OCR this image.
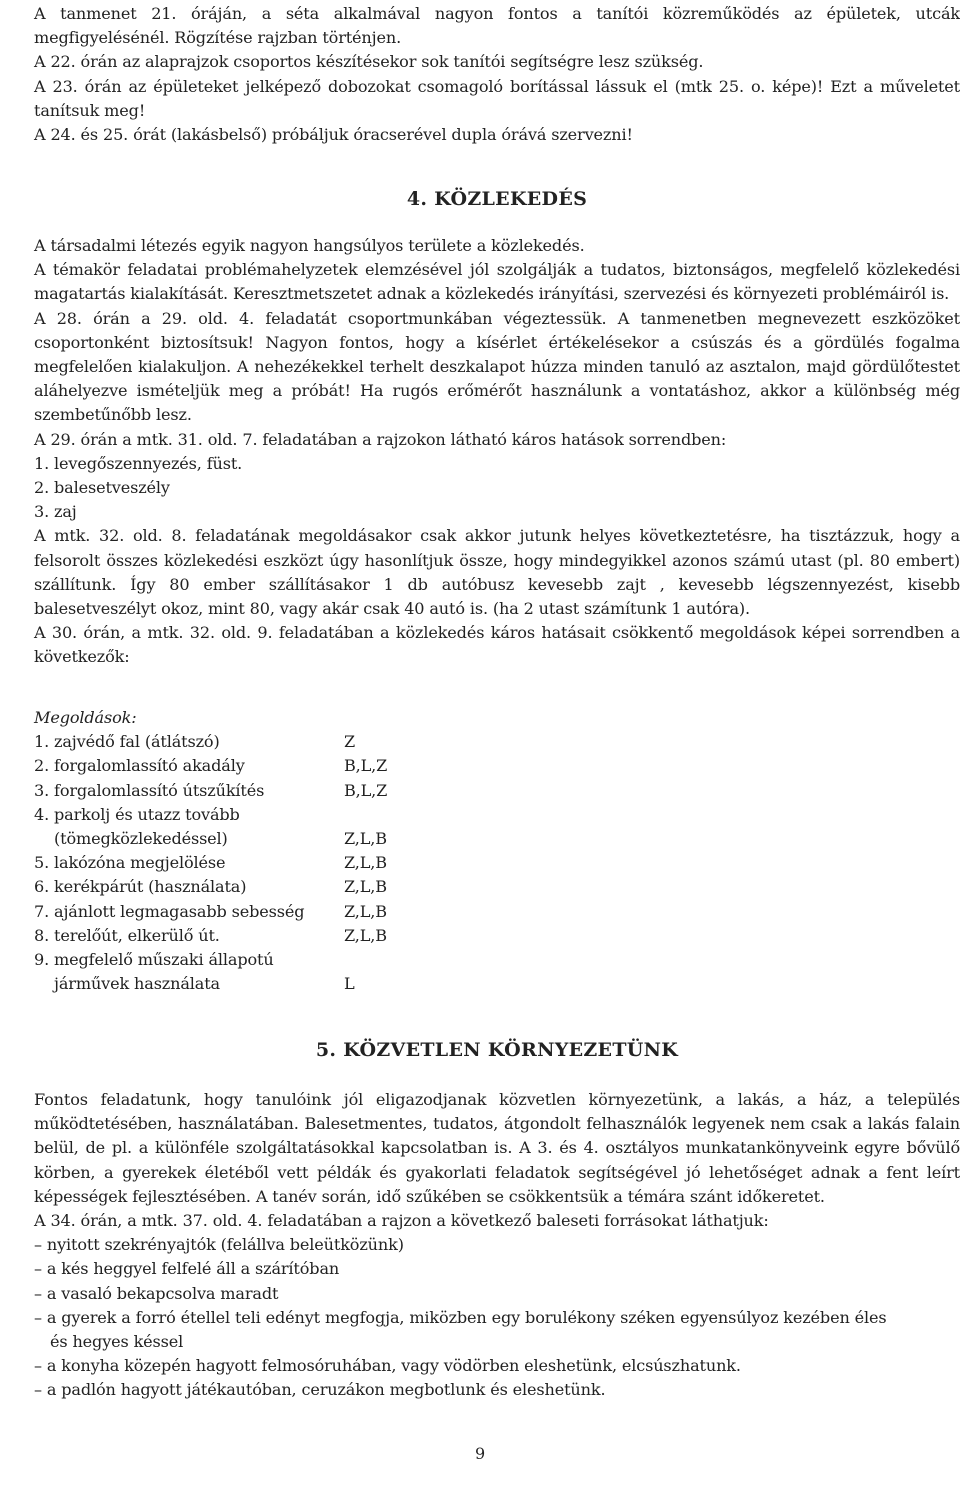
A tanmenet 21. óráján, a séta alkalmával nagyon fontos a tanítói közreműködés az épületek, utcák megfigyelésénél. Rögzítése rajzban történjen.

A 22. órán az alaprajzok csoportos készítésekor sok tanítói segítségre lesz szükség.

A 23. órán az épületeket jelképező dobozokat csomagoló borítással lássuk el (mtk 25. o. képe)! Ezt a műveletet tanítsuk meg!

A 24. és 25. órát (lakásbelső) próbáljuk óracserével dupla órává szervezni!

4. KÖZLEKEDÉS

A társadalmi létezés egyik nagyon hangsúlyos területe a közlekedés.

A témakör feladatai problémahelyzetek elemzésével jól szolgálják a tudatos, biztonságos, megfelelő közlekedési magatartás kialakítását. Keresztmetszetet adnak a közlekedés irányítási, szervezési és környezeti problémáiról is.

A 28. órán a 29. old. 4. feladatát csoportmunkában végeztessük. A tanmenetben megnevezett eszközöket csoportonként biztosítsuk! Nagyon fontos, hogy a kísérlet értékelésekor a csúszás és a gördülés fogalma megfelelően kialakuljon. A nehezékekkel terhelt deszkalapot húzza minden tanuló az asztalon, majd gördülőtestet aláhelyezve ismételjük meg a próbát! Ha rugós erőmérőt használunk a vontatáshoz, akkor a különbség még szembetűnőbb lesz.

A 29. órán a mtk. 31. old. 7. feladatában a rajzokon látható káros hatások sorrendben:

1. levegőszennyezés, füst.

2. balesetveszély

3. zaj

A mtk. 32. old. 8. feladatának megoldásakor csak akkor jutunk helyes következtetésre, ha tisztázzuk, hogy a felsorolt összes közlekedési eszközt úgy hasonlítjuk össze, hogy mindegyikkel azonos számú utast (pl. 80 embert) szállítunk. Így 80 ember szállításakor 1 db autóbusz kevesebb zajt , kevesebb légszennyezést, kisebb balesetveszélyt okoz, mint 80, vagy akár csak 40 autó is. (ha 2 utast számítunk 1 autóra).

A 30. órán, a mtk. 32. old. 9. feladatában a közlekedés káros hatásait csökkentő megoldások képei sorrendben a következők:

Megoldások:
1. zajvédő fal (átlátszó)	Z
2. forgalomlassító akadály	B,L,Z
3. forgalomlassító útszűkítés	B,L,Z
4. parkolj és utazz tovább
(tömegközlekedéssel)	Z,L,B
5. lakózóna megjelölése	Z,L,B
6. kerékpárút (használata)	Z,L,B
7. ajánlott legmagasabb sebesség Z,L,B
8. terelőút, elkerülő út.	Z,L,B
9. megfelelő műszaki állapotú
járművek használata	L
5. KÖZVETLEN KÖRNYEZETÜNK

Fontos feladatunk, hogy tanulóink jól eligazodjanak közvetlen környezetünk, a lakás, a ház, a település működtetésében, használatában. Balesetmentes, tudatos, átgondolt felhasználók legyenek nem csak a lakás falain belül, de pl. a különféle szolgáltatásokkal kapcsolatban is. A 3. és 4. osztályos munkatankönyveink egyre bővülő körben, a gyerekek életéből vett példák és gyakorlati feladatok segítségével jó lehetőséget adnak a fent leírt képességek fejlesztésében. A tanév során, idő szűkében se csökkentsük a témára szánt időkeretet.

A 34. órán, a mtk. 37. old. 4. feladatában a rajzon a következő baleseti forrásokat láthatjuk:

– nyitott szekrényajtók (felállva beleütközünk)

– a kés heggyel felfelé áll a szárítóban

– a vasaló bekapcsolva maradt

– a gyerek a forró étellel teli edényt megfogja, miközben egy borulékony széken egyensúlyoz kezében éles

és hegyes késsel

– a konyha közepén hagyott felmosóruhában, vagy vödörben eleshetünk, elcsúszhatunk.

– a padlón hagyott játékautóban, ceruzákon megbotlunk és eleshetünk.

9
